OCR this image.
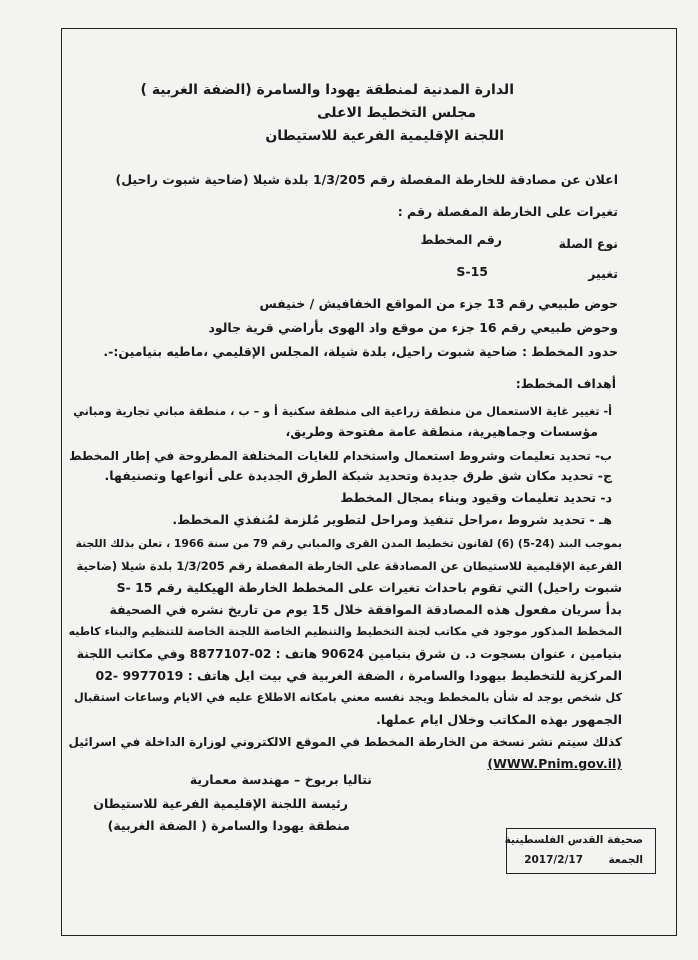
الدارة المدنية لمنطقة يهودا والسامرة (الضفة الغربية )
مجلس التخطيط الاعلى
اللجنة الإقليمية الفرعية للاستيطان
اعلان عن مصادقة للخارطة المفصلة رقم 1/3/205 بلدة شيلا (ضاحية شبوت راحيل)
تغيرات على الخارطة المفصلة رقم :
نوع الصلة
رقم المخطط
تغيير
S-15
حوض طبيعي رقم 13 جزء من المواقع الخفافيش / خنيفس
وحوض طبيعي رقم 16 جزء من موقع واد الهوى بأراضي قرية جالود
حدود المخطط : ضاحية شبوت راحيل، بلدة شيلة، المجلس الإقليمي ،ماطيه بنيامين:-.
أهداف المخطط:
أ- تغيير غاية الاستعمال من منطقة زراعية الى منطقة سكنية أ و – ب ، منطقة مباني تجارية ومباني
مؤسسات وجماهيرية، منطقة عامة مفتوحة وطريق،
ب- تحديد تعليمات وشروط استعمال واستخدام للغايات المختلفة المطروحة في إطار المخطط
ج- تحديد مكان شق طرق جديدة وتحديد شبكة الطرق الجديدة على أنواعها وتصنيفها.
د- تحديد تعليمات وقيود وبناء بمجال المخطط
هـ - تحديد شروط ،مراحل تنفيذ ومراحل لتطوير مُلزمة لمُنفذي المخطط.
بموجب البند (24-5) (6) لقانون تخطيط المدن القرى والمباني رقم 79 من سنة 1966 ، تعلن بذلك اللجنة
الفرعية الإقليمية للاستيطان عن المصادقة على الخارطة المفصلة رقم 1/3/205 بلدة شيلا (ضاحية
شبوت راحيل) التي تقوم باحداث تغيرات على المخطط الخارطة الهيكلية رقم S- 15
بدأ سريان مفعول هذه المصادقة الموافقة خلال 15 يوم من تاريخ نشره في الصحيفة
المخطط المذكور موجود في مكاتب لجنة التخطيط والتنظيم الخاصة اللجنة الخاصة للتنظيم والبناء كاطيه
بنيامين ، عنوان بسجوت د. ن شرق بنيامين 90624 هاتف : 02-8877107 وفي مكاتب اللجنة
المركزية للتخطيط بيهودا والسامرة ، الضفة الغربية في بيت ايل هاتف : 9977019 -02
كل شخص يوجد له شأن بالمخطط ويجد نفسه معني بامكانه الاطلاع عليه في الايام وساعات استقبال
الجمهور بهذه المكاتب وخلال ايام عملها.
كذلك سيتم نشر نسخة من الخارطة المخطط في الموقع الالكتروني لوزارة الداخلة في اسرائيل
(WWW.Pnim.gov.il)
نتاليا بربوخ – مهندسة معمارية
رئيسة اللجنة الإقليمية الفرعية للاستيطان
منطقة يهودا والسامرة ( الضفة الغربية)
صحيفة القدس الفلسطينية
الجمعة
2017/2/17
